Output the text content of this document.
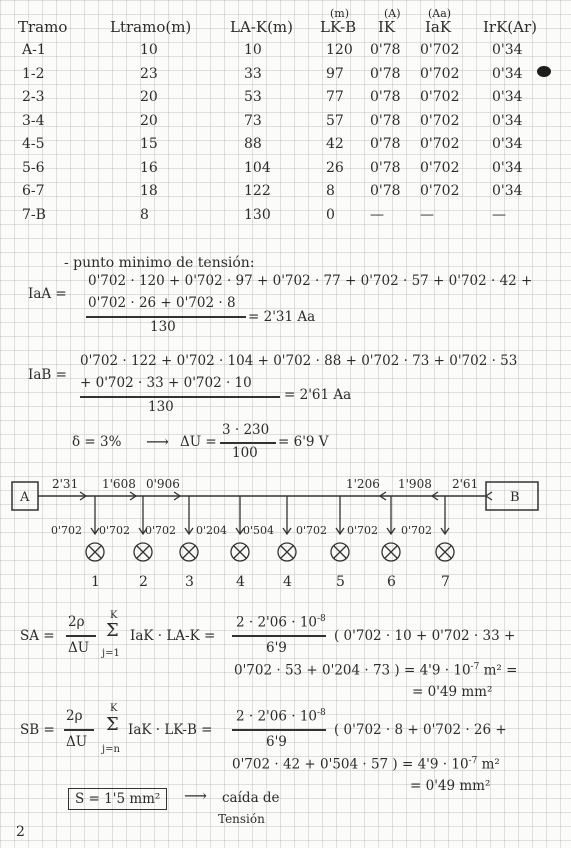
(m)	(A) (Aa)
Tramo	Ltramo(m)	LA-K(m) LK-B IK IaK IrK(Ar)
A-1	10	10	120 0'78 0'702 0'34
1-2	23	33	97 0'78 0'702 0'34
2-3	20	53	77 0'78 0'702 0'34
3-4	20	73	57 0'78 0'702 0'34
4-5	15	88	42 0'78 0'702 0'34
5-6	16	104	26 0'78 0'702 0'34
6-7	18	122	8	0'78 0'702 0'34
7-B	8	130	0	—	—	—
- punto minimo de tensión:
IaA =
0'702 · 120 + 0'702 · 97 + 0'702 · 77 + 0'702 · 57 + 0'702 · 42 +
0'702 · 26 + 0'702 · 8
130
= 2'31 Aa
IaB =
0'702 · 122 + 0'702 · 104 + 0'702 · 88 + 0'702 · 73 + 0'702 · 53
+ 0'702 · 33 + 0'702 · 10
130
= 2'61 Aa
δ = 3% ⟶ ΔU =
3 · 230
100
= 6'9 V
A	B
2'31 1'608 0'906	1'206 1'908 2'61
0'702
1
0'702
2
0'702
3
0'204
4
0'504
4
0'702
5
0'702
6
0'702
7
SA =
2ρ
ΔU
K
Σ
j=1
IaK · LA-K =
$2 \cdot 2'06 \cdot 10^{-8}$
6'9
( 0'702 · 10 + 0'702 · 33 +
0'702 · 53 + 0'204 · 73 ) = $4'9 \cdot 10^{-7}$ m² =
= 0'49 mm²
SB =
2ρ
ΔU
K
Σ
j=n
IaK · LK-B =
$2 \cdot 2'06 \cdot 10^{-8}$
6'9
( 0'702 · 8 + 0'702 · 26 +
0'702 · 42 + 0'504 · 57 ) = $4'9 \cdot 10^{-7}$ m²
= 0'49 mm²
S = 1'5 mm²	⟶ caída de
Tensión
2
